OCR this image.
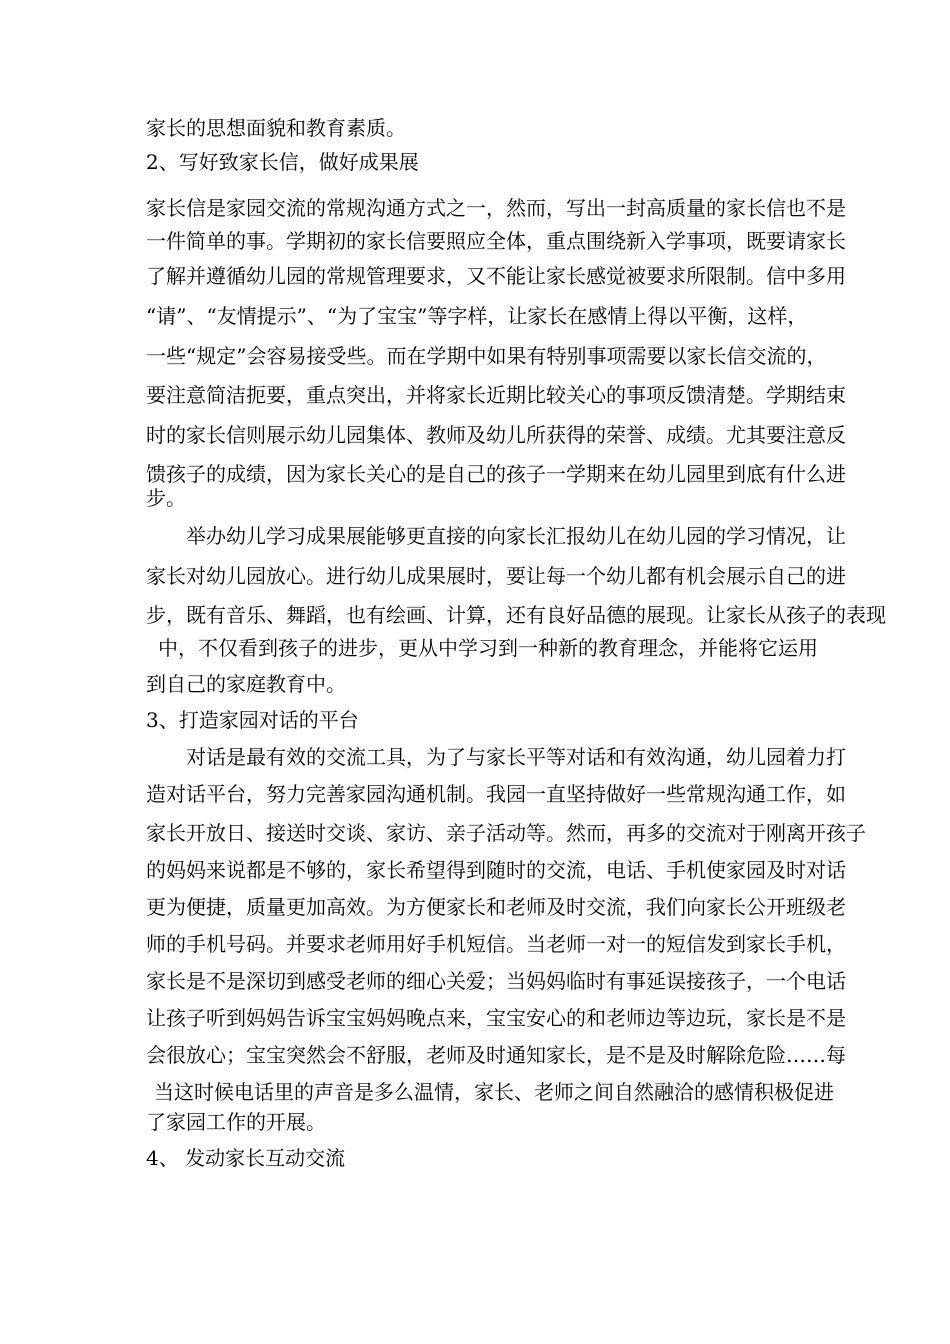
家长的思想面貌和教育素质。
2、写好致家长信，做好成果展
家长信是家园交流的常规沟通方式之一，然而，写出一封高质量的家长信也不是
一件简单的事。学期初的家长信要照应全体，重点围绕新入学事项，既要请家长
了解并遵循幼儿园的常规管理要求，又不能让家长感觉被要求所限制。信中多用
“请”、“友情提示”、“为了宝宝”等字样，让家长在感情上得以平衡，这样，
一些“规定”会容易接受些。而在学期中如果有特别事项需要以家长信交流的，
要注意简洁扼要，重点突出，并将家长近期比较关心的事项反馈清楚。学期结束
时的家长信则展示幼儿园集体、教师及幼儿所获得的荣誉、成绩。尤其要注意反
馈孩子的成绩，因为家长关心的是自己的孩子一学期来在幼儿园里到底有什么进
步。
举办幼儿学习成果展能够更直接的向家长汇报幼儿在幼儿园的学习情况，让
家长对幼儿园放心。进行幼儿成果展时，要让每一个幼儿都有机会展示自己的进
步，既有音乐、舞蹈，也有绘画、计算，还有良好品德的展现。让家长从孩子的表现
中，不仅看到孩子的进步，更从中学习到一种新的教育理念，并能将它运用
到自己的家庭教育中。
3、打造家园对话的平台
对话是最有效的交流工具，为了与家长平等对话和有效沟通，幼儿园着力打
造对话平台，努力完善家园沟通机制。我园一直坚持做好一些常规沟通工作，如
家长开放日、接送时交谈、家访、亲子活动等。然而，再多的交流对于刚离开孩子
的妈妈来说都是不够的，家长希望得到随时的交流，电话、手机使家园及时对话
更为便捷，质量更加高效。为方便家长和老师及时交流，我们向家长公开班级老
师的手机号码。并要求老师用好手机短信。当老师一对一的短信发到家长手机，
家长是不是深切到感受老师的细心关爱；当妈妈临时有事延误接孩子，一个电话
让孩子听到妈妈告诉宝宝妈妈晚点来，宝宝安心的和老师边等边玩，家长是不是
会很放心；宝宝突然会不舒服，老师及时通知家长，是不是及时解除危险……每
当这时候电话里的声音是多么温情，家长、老师之间自然融洽的感情积极促进
了家园工作的开展。
4、 发动家长互动交流
